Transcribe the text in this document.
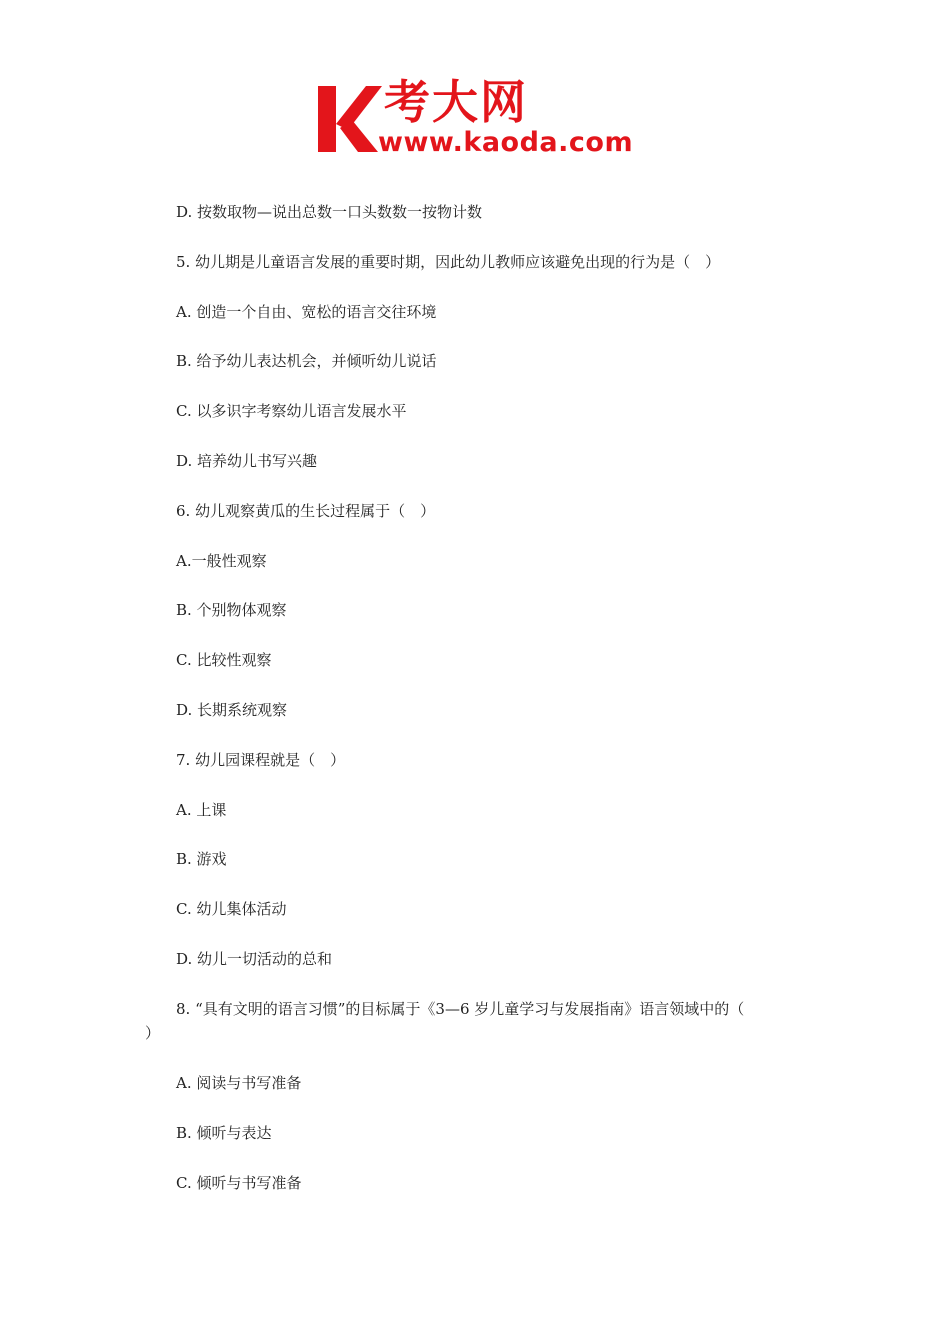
考大网
www.kaoda.com
D. 按数取物—说出总数一口头数数一按物计数
5. 幼儿期是儿童语言发展的重要时期，因此幼儿教师应该避免出现的行为是（　）
A. 创造一个自由、宽松的语言交往环境
B. 给予幼儿表达机会，并倾听幼儿说话
C. 以多识字考察幼儿语言发展水平
D. 培养幼儿书写兴趣
6. 幼儿观察黄瓜的生长过程属于（　）
A.一般性观察
B. 个别物体观察
C. 比较性观察
D. 长期系统观察
7. 幼儿园课程就是（　）
A. 上课
B. 游戏
C. 幼儿集体活动
D. 幼儿一切活动的总和
8. “具有文明的语言习惯”的目标属于《3—6 岁儿童学习与发展指南》语言领域中的（
）
A. 阅读与书写准备
B. 倾听与表达
C. 倾听与书写准备
